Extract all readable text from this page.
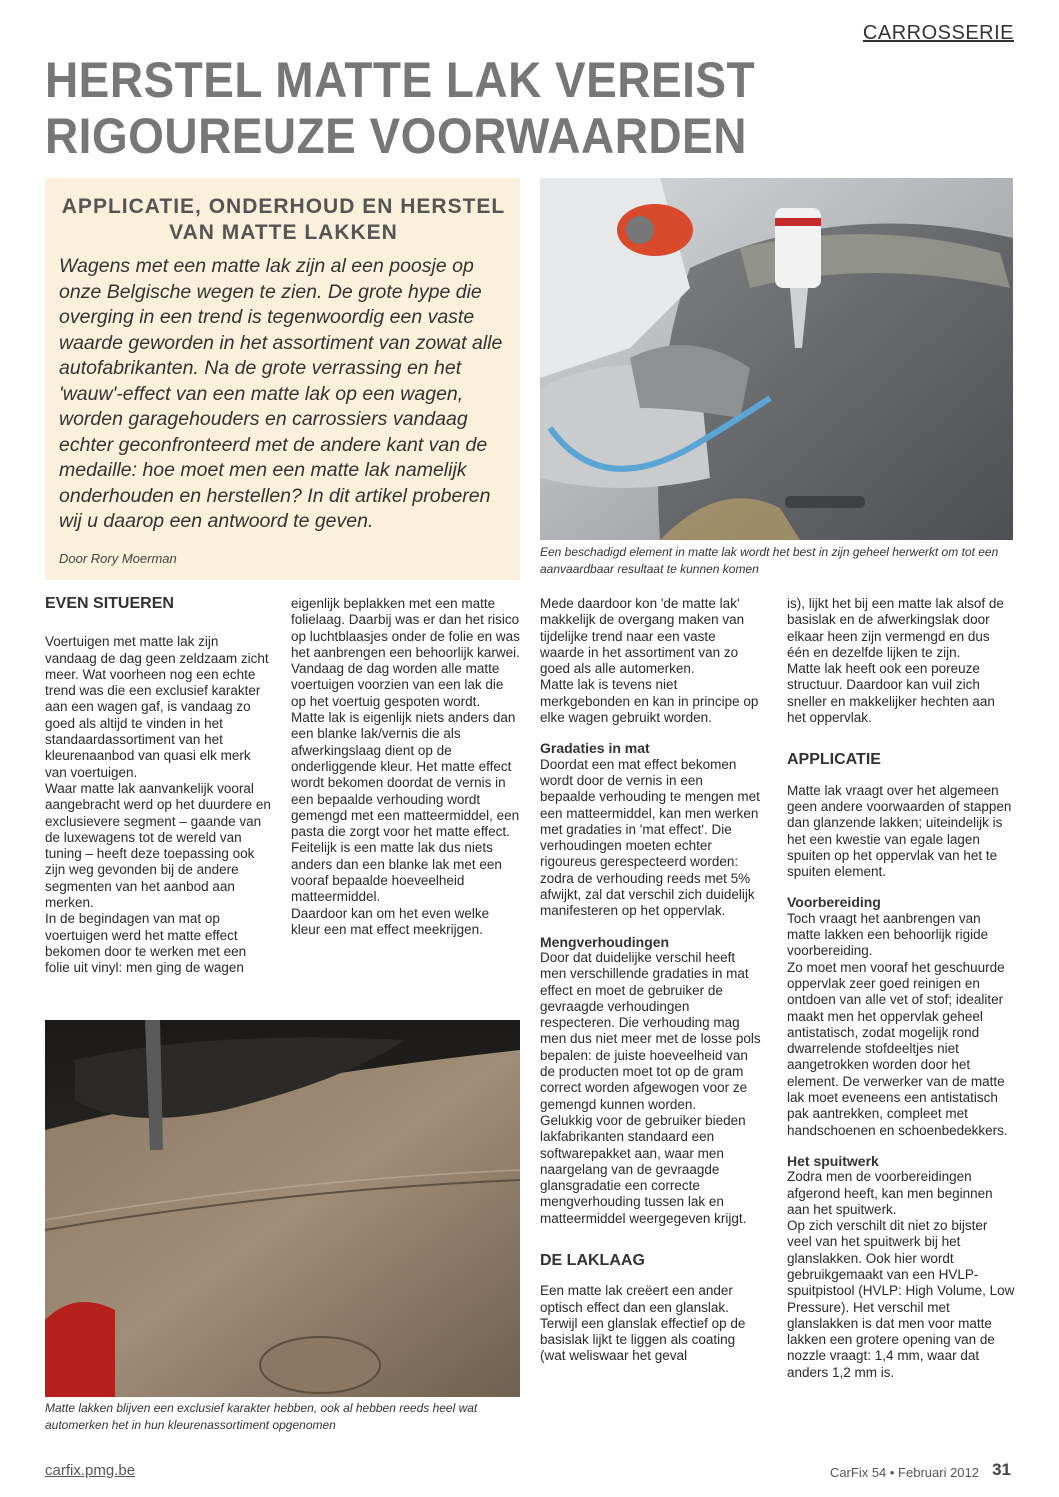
CARROSSERIE
HERSTEL MATTE LAK VEREIST
RIGOUREUZE VOORWAARDEN
APPLICATIE, ONDERHOUD EN HERSTEL VAN MATTE LAKKEN

Wagens met een matte lak zijn al een poosje op onze Belgische wegen te zien. De grote hype die overging in een trend is tegenwoordig een vaste waarde geworden in het assortiment van zowat alle autofabrikanten. Na de grote verrassing en het 'wauw'-effect van een matte lak op een wagen, worden garagehouders en carrossiers vandaag echter geconfronteerd met de andere kant van de medaille: hoe moet men een matte lak namelijk onderhouden en herstellen? In dit artikel proberen wij u daarop een antwoord te geven.

Door Rory Moerman	Een beschadigd element in matte lak wordt het best in zijn geheel herwerkt om tot een aanvaardbaar resultaat te kunnen komen
EVEN SITUEREN

Voertuigen met matte lak zijn vandaag de dag geen zeldzaam zicht meer. Wat voorheen nog een echte trend was die een exclusief karakter aan een wagen gaf, is vandaag zo goed als altijd te vinden in het standaardassortiment van het kleurenaanbod van quasi elk merk van voertuigen.

Waar matte lak aanvankelijk vooral aangebracht werd op het duurdere en exclusievere segment – gaande van de luxewagens tot de wereld van tuning – heeft deze toepassing ook zijn weg gevonden bij de andere segmenten van het aanbod aan merken.

In de begindagen van mat op voertuigen werd het matte effect bekomen door te werken met een folie uit vinyl: men ging de wagen

eigenlijk beplakken met een matte folielaag. Daarbij was er dan het risico op luchtblaasjes onder de folie en was het aanbrengen een behoorlijk karwei.

Vandaag de dag worden alle matte voertuigen voorzien van een lak die op het voertuig gespoten wordt.

Matte lak is eigenlijk niets anders dan een blanke lak/vernis die als afwerkingslaag dient op de onderliggende kleur. Het matte effect wordt bekomen doordat de vernis in een bepaalde verhouding wordt gemengd met een matteermiddel, een pasta die zorgt voor het matte effect.

Feitelijk is een matte lak dus niets anders dan een blanke lak met een vooraf bepaalde hoeveelheid matteermiddel.

Daardoor kan om het even welke kleur een mat effect meekrijgen.

Matte lakken blijven een exclusief karakter hebben, ook al hebben reeds heel wat automerken het in hun kleurenassortiment opgenomen

Mede daardoor kon 'de matte lak' makkelijk de overgang maken van tijdelijke trend naar een vaste waarde in het assortiment van zo goed als alle automerken.

Matte lak is tevens niet merkgebonden en kan in principe op elke wagen gebruikt worden.

Gradaties in mat

Doordat een mat effect bekomen wordt door de vernis in een bepaalde verhouding te mengen met een matteermiddel, kan men werken met gradaties in 'mat effect'. Die verhoudingen moeten echter rigoureus gerespecteerd worden: zodra de verhouding reeds met 5% afwijkt, zal dat verschil zich duidelijk manifesteren op het oppervlak.

Mengverhoudingen

Door dat duidelijke verschil heeft men verschillende gradaties in mat effect en moet de gebruiker de gevraagde verhoudingen respecteren. Die verhouding mag men dus niet meer met de losse pols bepalen: de juiste hoeveelheid van de producten moet tot op de gram correct worden afgewogen voor ze gemengd kunnen worden.

Gelukkig voor de gebruiker bieden lakfabrikanten standaard een softwarepakket aan, waar men naargelang van de gevraagde glansgradatie een correcte mengverhouding tussen lak en matteermiddel weergegeven krijgt.

DE LAKLAAG

Een matte lak creëert een ander optisch effect dan een glanslak. Terwijl een glanslak effectief op de basislak lijkt te liggen als coating (wat weliswaar het geval

is), lijkt het bij een matte lak alsof de basislak en de afwerkingslak door elkaar heen zijn vermengd en dus één en dezelfde lijken te zijn.

Matte lak heeft ook een poreuze structuur. Daardoor kan vuil zich sneller en makkelijker hechten aan het oppervlak.

APPLICATIE

Matte lak vraagt over het algemeen geen andere voorwaarden of stappen dan glanzende lakken; uiteindelijk is het een kwestie van egale lagen spuiten op het oppervlak van het te spuiten element.

Voorbereiding

Toch vraagt het aanbrengen van matte lakken een behoorlijk rigide voorbereiding.

Zo moet men vooraf het geschuurde oppervlak zeer goed reinigen en ontdoen van alle vet of stof; idealiter maakt men het oppervlak geheel antistatisch, zodat mogelijk rond dwarrelende stofdeeltjes niet aangetrokken worden door het element. De verwerker van de matte lak moet eveneens een antistatisch pak aantrekken, compleet met handschoenen en schoenbedekkers.

Het spuitwerk

Zodra men de voorbereidingen afgerond heeft, kan men beginnen aan het spuitwerk.

Op zich verschilt dit niet zo bijster veel van het spuitwerk bij het glanslakken. Ook hier wordt gebruikgemaakt van een HVLP-spuitpistool (HVLP: High Volume, Low Pressure). Het verschil met glanslakken is dat men voor matte lakken een grotere opening van de nozzle vraagt: 1,4 mm, waar dat anders 1,2 mm is.

carfix.pmg.be	CarFix 54 • Februari 2012 31
